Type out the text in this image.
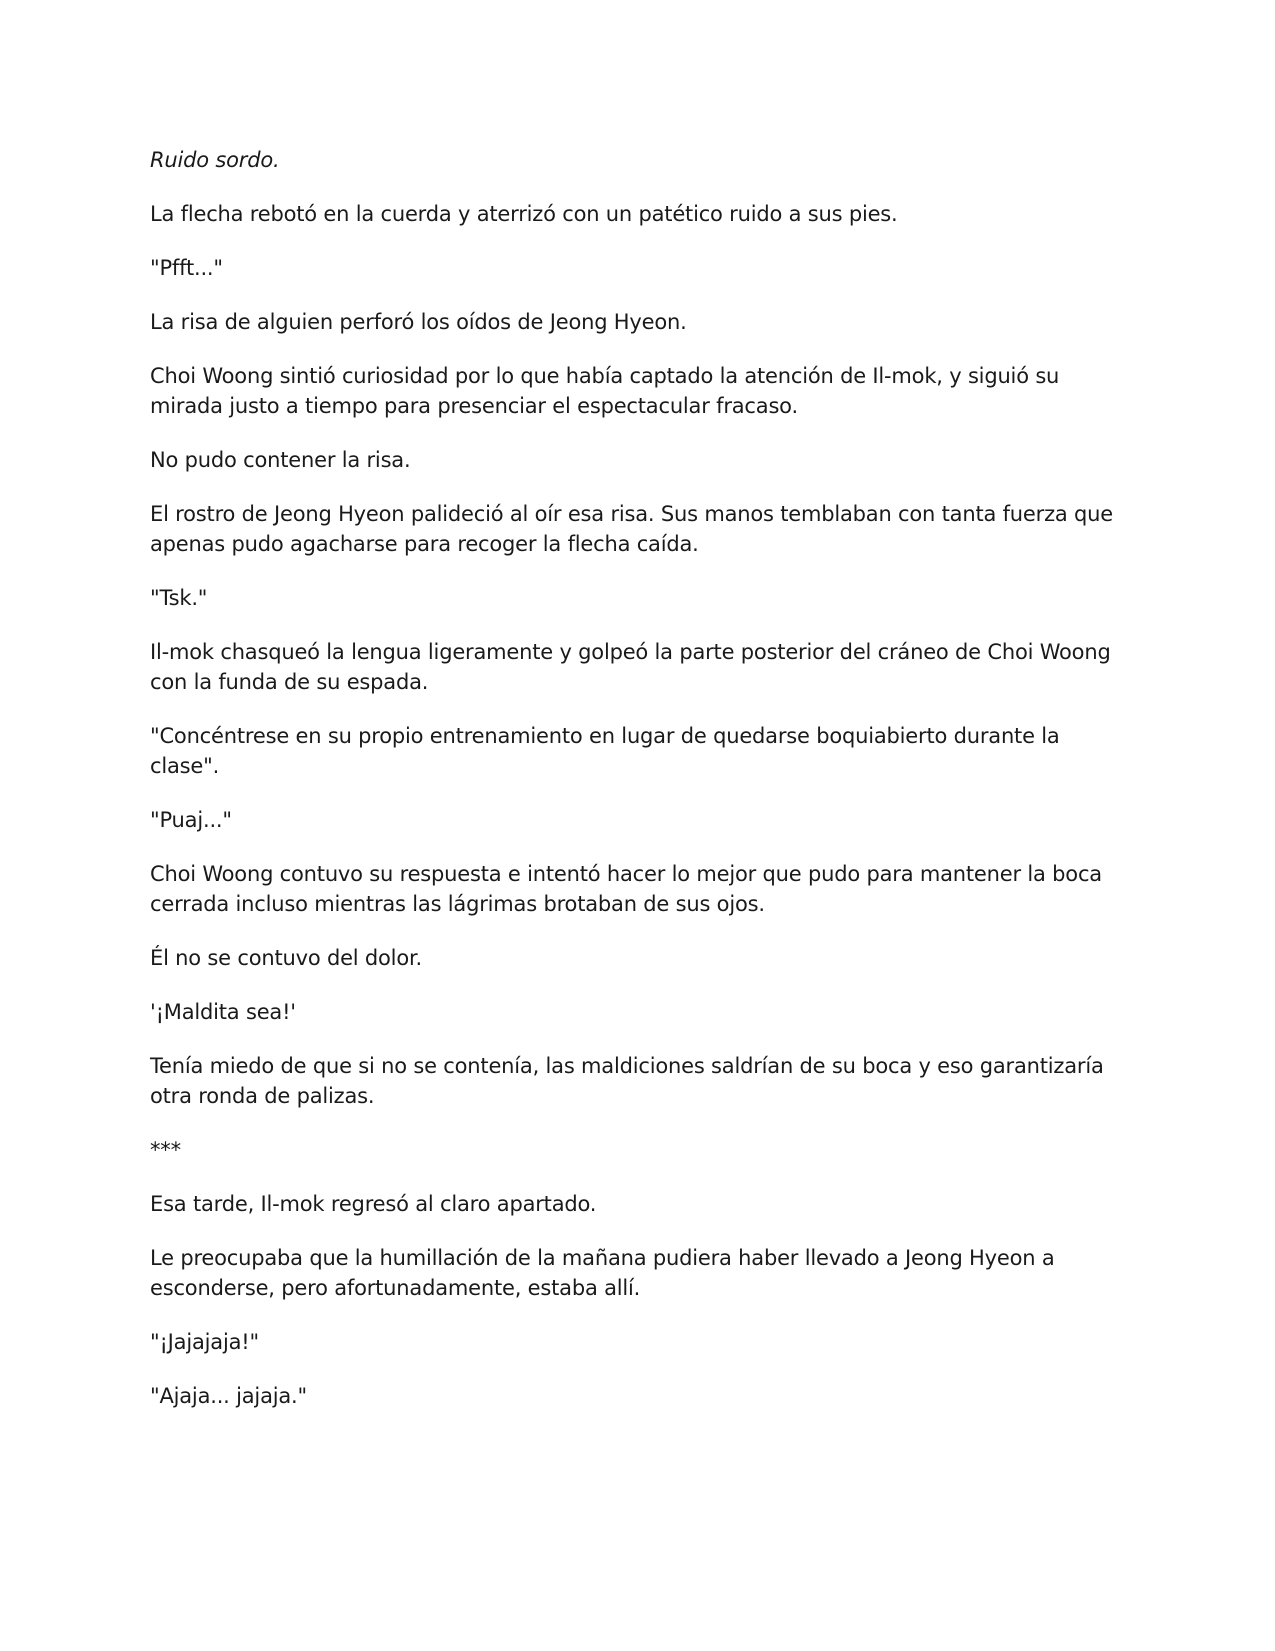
Ruido sordo.

La flecha rebotó en la cuerda y aterrizó con un patético ruido a sus pies.

"Pfft..."

La risa de alguien perforó los oídos de Jeong Hyeon.

Choi Woong sintió curiosidad por lo que había captado la atención de Il-mok, y siguió su mirada justo a tiempo para presenciar el espectacular fracaso.

No pudo contener la risa.

El rostro de Jeong Hyeon palideció al oír esa risa. Sus manos temblaban con tanta fuerza que apenas pudo agacharse para recoger la flecha caída.

"Tsk."

Il-mok chasqueó la lengua ligeramente y golpeó la parte posterior del cráneo de Choi Woong con la funda de su espada.

"Concéntrese en su propio entrenamiento en lugar de quedarse boquiabierto durante la clase".

"Puaj..."

Choi Woong contuvo su respuesta e intentó hacer lo mejor que pudo para mantener la boca cerrada incluso mientras las lágrimas brotaban de sus ojos.

Él no se contuvo del dolor.

'¡Maldita sea!'

Tenía miedo de que si no se contenía, las maldiciones saldrían de su boca y eso garantizaría otra ronda de palizas.

***

Esa tarde, Il-mok regresó al claro apartado.

Le preocupaba que la humillación de la mañana pudiera haber llevado a Jeong Hyeon a esconderse, pero afortunadamente, estaba allí.

"¡Jajajaja!"

"Ajaja... jajaja."
